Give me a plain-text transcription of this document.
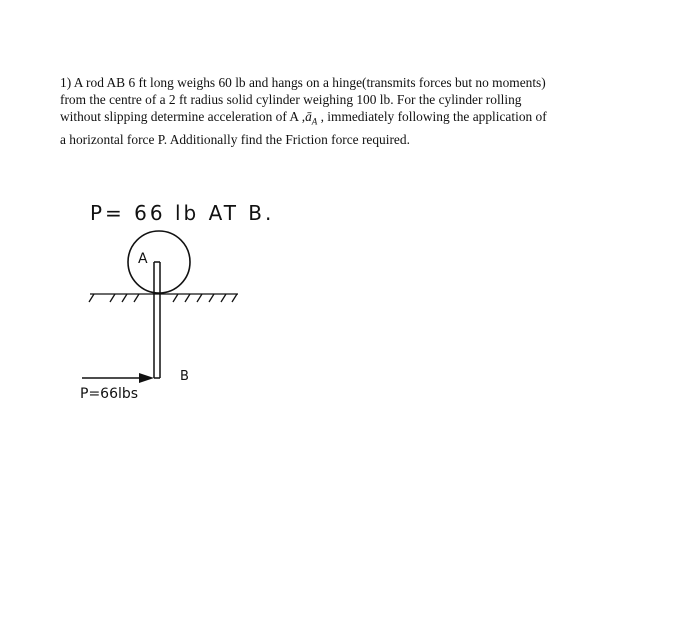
1) A rod AB 6 ft long weighs 60 lb and hangs on a hinge(transmits forces but no moments)
from the centre of a 2 ft radius solid cylinder weighing 100 lb. For the cylinder rolling
without slipping determine acceleration of A $,ā_A$ , immediately following the application of
a horizontal force P. Additionally find the Friction force required.
P= 66 lb AT B.
A
B
P=66lbs
